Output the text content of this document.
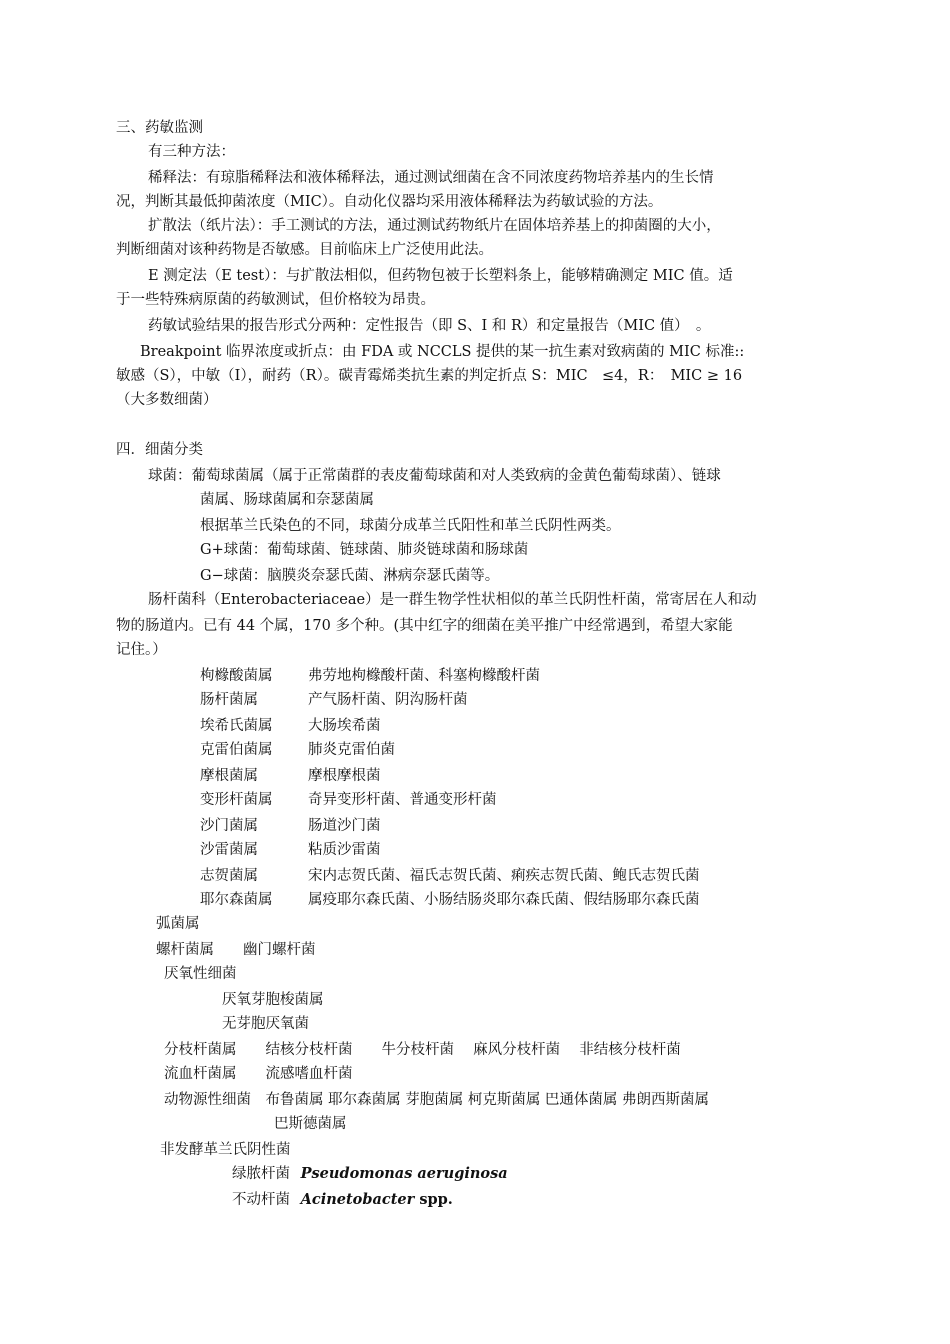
三、药敏监测
有三种方法：
稀释法：有琼脂稀释法和液体稀释法，通过测试细菌在含不同浓度药物培养基内的生长情
况，判断其最低抑菌浓度（MIC）。自动化仪器均采用液体稀释法为药敏试验的方法。
扩散法（纸片法）：手工测试的方法，通过测试药物纸片在固体培养基上的抑菌圈的大小，
判断细菌对该种药物是否敏感。目前临床上广泛使用此法。
E 测定法（E test）：与扩散法相似，但药物包被于长塑料条上，能够精确测定 MIC 值。适
于一些特殊病原菌的药敏测试，但价格较为昂贵。
药敏试验结果的报告形式分两种：定性报告（即 S、I 和 R）和定量报告（MIC 值）　。
Breakpoint 临界浓度或折点：由 FDA 或 NCCLS 提供的某一抗生素对致病菌的 MIC 标准::
敏感（S），中敏（I），耐药（R）。碳青霉烯类抗生素的判定折点 S：MIC　≤4，R：　MIC ≥ 16
（大多数细菌）
四．细菌分类
球菌：葡萄球菌属（属于正常菌群的表皮葡萄球菌和对人类致病的金黄色葡萄球菌）、链球
菌属、肠球菌属和奈瑟菌属
根据革兰氏染色的不同，球菌分成革兰氏阳性和革兰氏阴性两类。
G+球菌：葡萄球菌、链球菌、肺炎链球菌和肠球菌
G−球菌：脑膜炎奈瑟氏菌、淋病奈瑟氏菌等。
肠杆菌科（Enterobacteriaceae）是一群生物学性状相似的革兰氏阴性杆菌，常寄居在人和动
物的肠道内。已有 44 个属，170 多个种。(其中红字的细菌在美平推广中经常遇到，希望大家能
记住。）
枸橼酸菌属 弗劳地枸橼酸杆菌、科塞枸橼酸杆菌
肠杆菌属	产气肠杆菌、阴沟肠杆菌
埃希氏菌属 大肠埃希菌
克雷伯菌属 肺炎克雷伯菌
摩根菌属	摩根摩根菌
变形杆菌属 奇异变形杆菌、普通变形杆菌
沙门菌属	肠道沙门菌
沙雷菌属	粘质沙雷菌
志贺菌属	宋内志贺氏菌、福氏志贺氏菌、痢疾志贺氏菌、鲍氏志贺氏菌
耶尔森菌属 属疫耶尔森氏菌、小肠结肠炎耶尔森氏菌、假结肠耶尔森氏菌
弧菌属
螺杆菌属　　幽门螺杆菌
厌氧性细菌
厌氧芽胞梭菌属
无芽胞厌氧菌
分枝杆菌属　　结核分枝杆菌　　牛分枝杆菌　 麻风分枝杆菌　 非结核分枝杆菌
流血杆菌属　　流感嗜血杆菌
动物源性细菌　布鲁菌属 耶尔森菌属 芽胞菌属 柯克斯菌属 巴通体菌属 弗朗西斯菌属
巴斯德菌属
非发酵革兰氏阴性菌
绿脓杆菌 Pseudomonas aeruginosa
不动杆菌 Acinetobacter spp.
